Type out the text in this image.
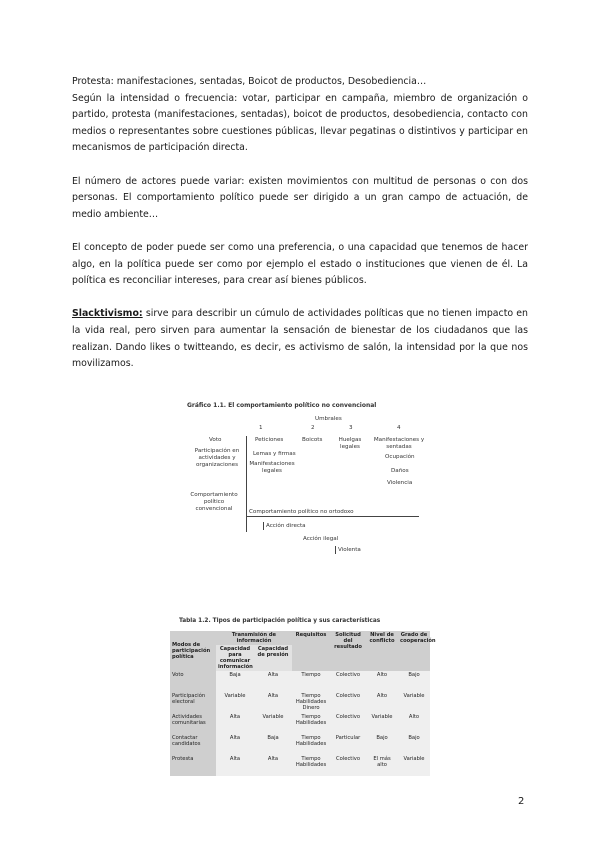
Protesta: manifestaciones, sentadas, Boicot de productos, Desobediencia…

Según la intensidad o frecuencia: votar, participar en campaña, miembro de organización o partido, protesta (manifestaciones, sentadas), boicot de productos, desobediencia, contacto con medios o representantes sobre cuestiones públicas, llevar pegatinas o distintivos y participar en mecanismos de participación directa.

El número de actores puede variar: existen movimientos con multitud de personas o con dos personas. El comportamiento político puede ser dirigido a un gran campo de actuación, de medio ambiente…

El concepto de poder puede ser como una preferencia, o una capacidad que tenemos de hacer algo, en la política puede ser como por ejemplo el estado o instituciones que vienen de él. La política es reconciliar intereses, para crear así bienes públicos.

Slacktivismo: sirve para describir un cúmulo de actividades políticas que no tienen impacto en la vida real, pero sirven para aumentar la sensación de bienestar de los ciudadanos que las realizan. Dando likes o twitteando, es decir, es activismo de salón, la intensidad por la que nos movilizamos.

Gráfico 1.1. El comportamiento político no convencional
Umbrales
1	2	3	4
Voto
Participación en actividades y organizaciones
Comportamiento político convencional
Peticiones	Boicots	Huelgas legales
Manifestaciones y sentadas
Lemas y firmas
Manifestaciones legales
Ocupación
Daños
Violencia
Comportamiento político no ortodoxo
Acción directa
Acción ilegal
Violenta
Tabla 1.2. Tipos de participación política y sus características
Modos de participación política	Transmisión de información		Requisitos	Solicitud del resultado	Nivel de conflicto	Grado de cooperación
	Capacidad para comunicar información	Capacidad de presión				
Voto	Baja	Alta	Tiempo	Colectivo	Alto	Bajo
Participación electoral	Variable	Alta	Tiempo Habilidades Dinero	Colectivo	Alto	Variable
Actividades comunitarias	Alta	Variable	Tiempo Habilidades	Colectivo	Variable	Alto
Contactar candidatos	Alta	Baja	Tiempo Habilidades	Particular	Bajo	Bajo
Protesta	Alta	Alta	Tiempo Habilidades	Colectivo	El más alto	Variable
2
